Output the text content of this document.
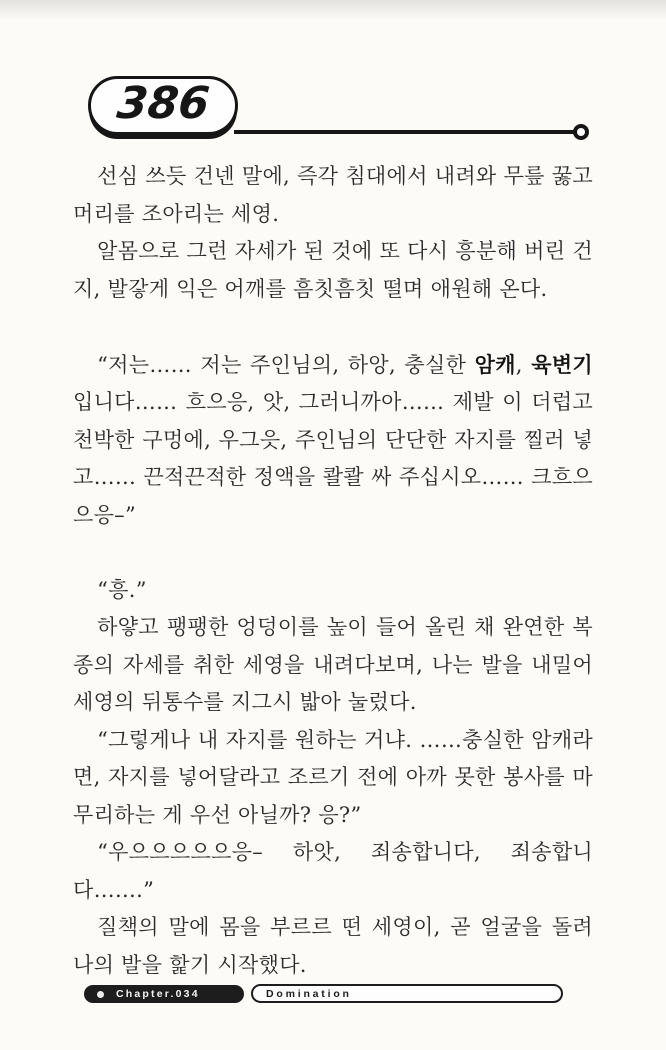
386

선심 쓰듯 건넨 말에, 즉각 침대에서 내려와 무릎 꿇고 머리를 조아리는 세영.

알몸으로 그런 자세가 된 것에 또 다시 흥분해 버린 건지, 발갛게 익은 어깨를 흠칫흠칫 떨며 애원해 온다.

“저는…… 저는 주인님의, 하앙, 충실한 암캐, 육변기입니다…… 흐으응, 앗, 그러니까아…… 제발 이 더럽고 천박한 구멍에, 우그읏, 주인님의 단단한 자지를 찔러 넣고…… 끈적끈적한 정액을 콸콸 싸 주십시오…… 크흐으으응–”

“흥.”

하얗고 팽팽한 엉덩이를 높이 들어 올린 채 완연한 복종의 자세를 취한 세영을 내려다보며, 나는 발을 내밀어 세영의 뒤통수를 지그시 밟아 눌렀다.

“그렇게나 내 자지를 원하는 거냐. ……충실한 암캐라면, 자지를 넣어달라고 조르기 전에 아까 못한 봉사를 마무리하는 게 우선 아닐까? 응?”

“우으으으으으응– 하앗, 죄송합니다, 죄송합니다…….”

질책의 말에 몸을 부르르 떤 세영이, 곧 얼굴을 돌려 나의 발을 핥기 시작했다.

Chapter.034	Domination
